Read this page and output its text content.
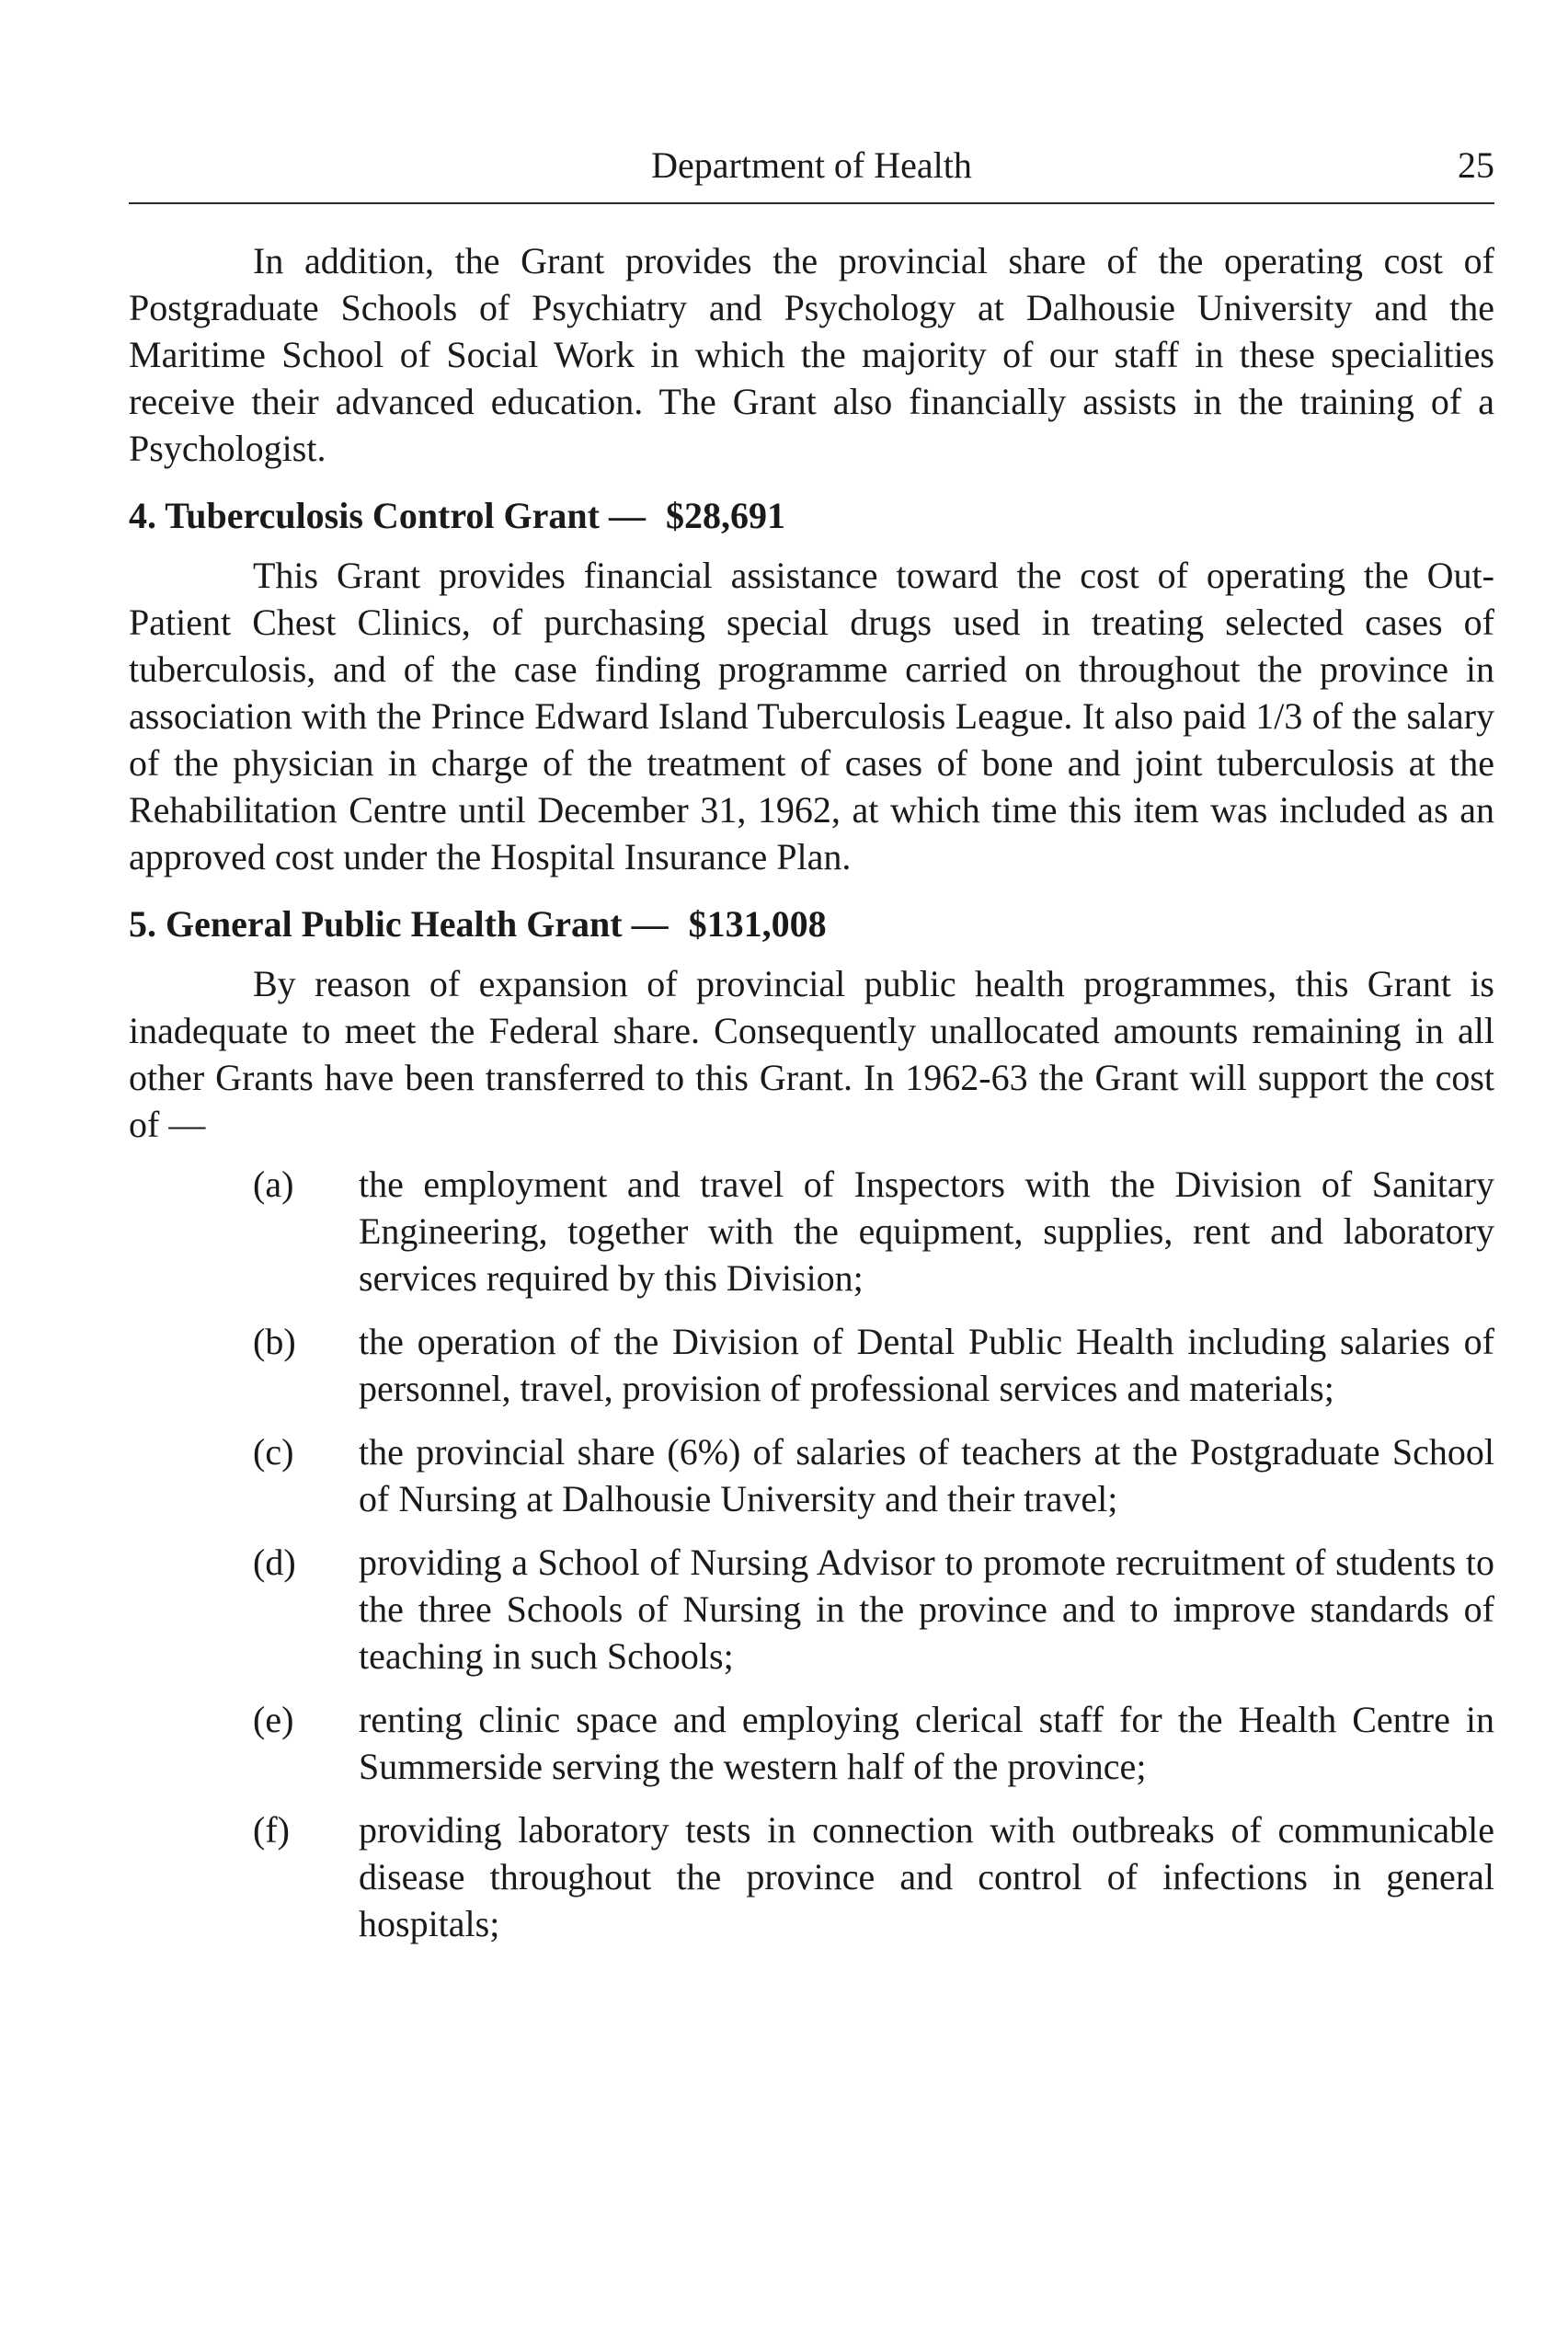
Department of Health	25

In addition, the Grant provides the provincial share of the operating cost of Postgraduate Schools of Psychiatry and Psychology at Dalhousie University and the Maritime School of Social Work in which the majority of our staff in these specialities receive their advanced education. The Grant also financially assists in the training of a Psychologist.

4. Tuberculosis Control Grant — $28,691

This Grant provides financial assistance toward the cost of operating the Out-Patient Chest Clinics, of purchasing special drugs used in treating selected cases of tuberculosis, and of the case finding programme carried on throughout the province in association with the Prince Edward Island Tuberculosis League. It also paid 1/3 of the salary of the physician in charge of the treatment of cases of bone and joint tuberculosis at the Rehabilitation Centre until December 31, 1962, at which time this item was included as an approved cost under the Hospital Insurance Plan.

5. General Public Health Grant — $131,008

By reason of expansion of provincial public health programmes, this Grant is inadequate to meet the Federal share. Consequently unallocated amounts remaining in all other Grants have been transferred to this Grant. In 1962-63 the Grant will support the cost of —

(a)	the employment and travel of Inspectors with the Division of Sanitary Engineering, together with the equipment, supplies, rent and laboratory services required by this Division;
(b)	the operation of the Division of Dental Public Health including salaries of personnel, travel, provision of professional services and materials;
(c)	the provincial share (6%) of salaries of teachers at the Postgraduate School of Nursing at Dalhousie University and their travel;
(d)	providing a School of Nursing Advisor to promote recruitment of students to the three Schools of Nursing in the province and to improve standards of teaching in such Schools;
(e)	renting clinic space and employing clerical staff for the Health Centre in Summerside serving the western half of the province;
(f)	providing laboratory tests in connection with outbreaks of communicable disease throughout the province and control of infections in general hospitals;
